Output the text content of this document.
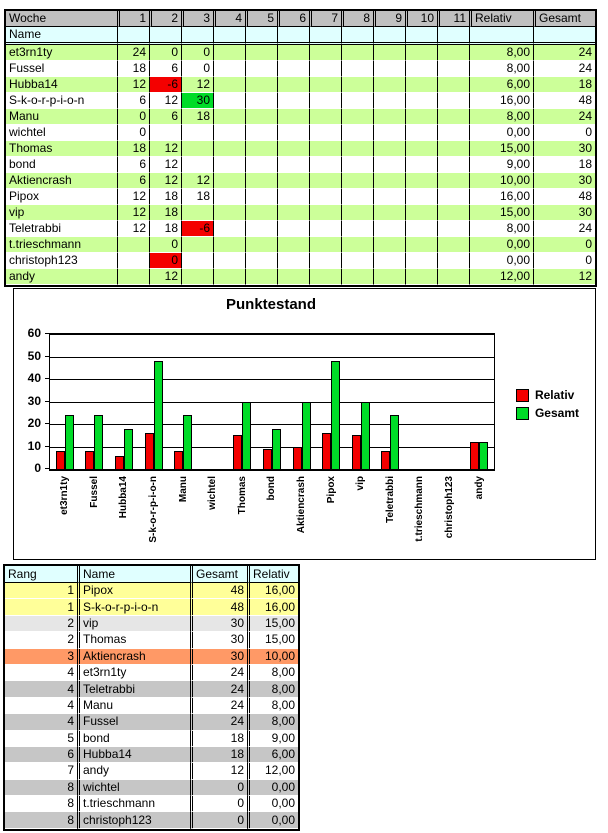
Woche	1	2	3	4	5	6	7	8	9	10	11	Relativ	Gesamt
Name													
et3rn1ty	24	0	0									8,00	24
Fussel	18	6	0									8,00	24
Hubba14	12	-6	12									6,00	18
S-k-o-r-p-i-o-n	6	12	30									16,00	48
Manu	0	6	18									8,00	24
wichtel	0											0,00	0
Thomas	18	12										15,00	30
bond	6	12										9,00	18
Aktiencrash	6	12	12									10,00	30
Pipox	12	18	18									16,00	48
vip	12	18										15,00	30
Teletrabbi	12	18	-6									8,00	24
t.trieschmann		0										0,00	0
christoph123		0										0,00	0
andy		12										12,00	12
Punktestand
0
10
20
30
40
50
60
et3rn1ty Fussel Hubba14 S-k-o-r-p-i-o-n Manu wichtel Thomas bond Aktiencrash Pipox vip Teletrabbi t.trieschmann christoph123 andy
Relativ
Gesamt
Rang	Name	Gesamt	Relativ
1	Pipox	48	16,00
1	S-k-o-r-p-i-o-n	48	16,00
2	vip	30	15,00
2	Thomas	30	15,00
3	Aktiencrash	30	10,00
4	et3rn1ty	24	8,00
4	Teletrabbi	24	8,00
4	Manu	24	8,00
4	Fussel	24	8,00
5	bond	18	9,00
6	Hubba14	18	6,00
7	andy	12	12,00
8	wichtel	0	0,00
8	t.trieschmann	0	0,00
8	christoph123	0	0,00
